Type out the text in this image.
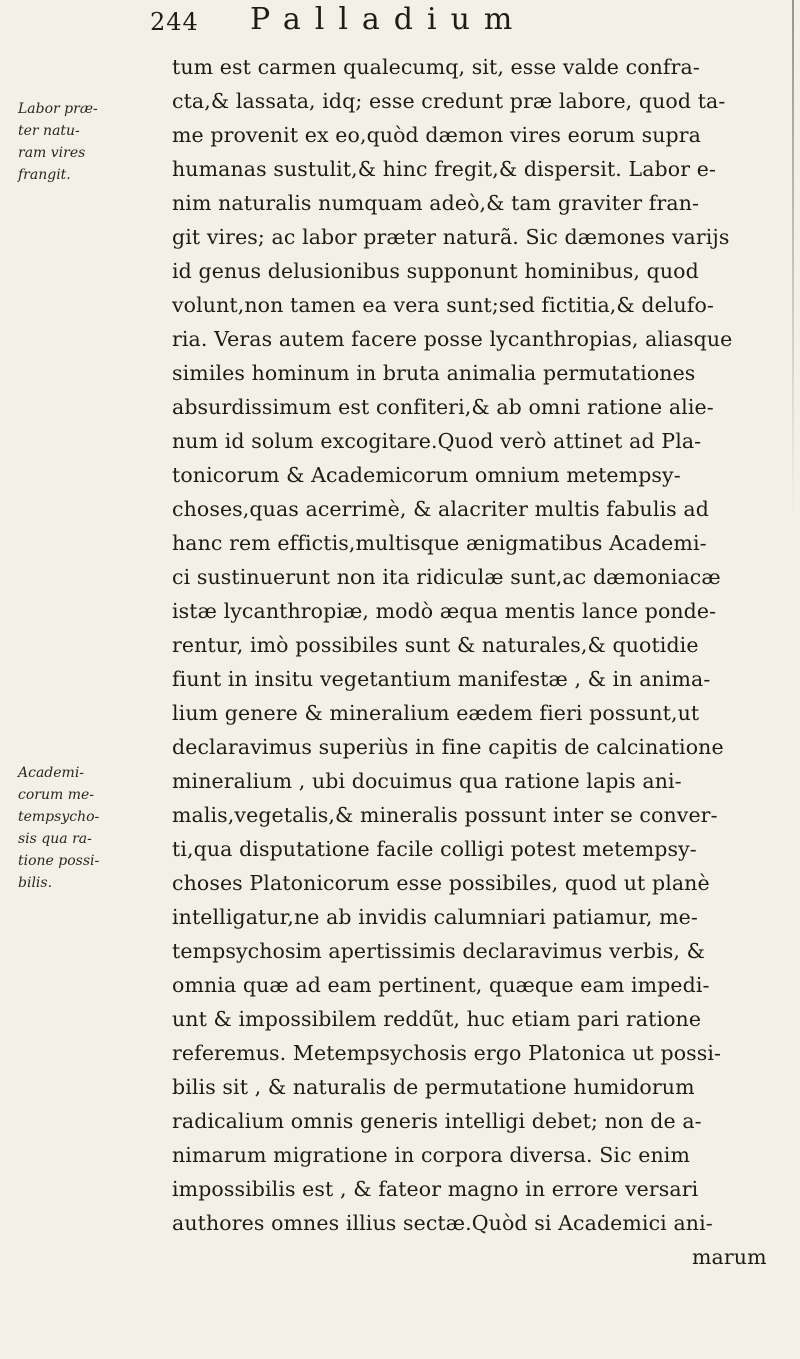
244 Palladium
Labor præ-
ter natu-
ram vires
frangit.
Academi-
corum me-
tempsycho-
sis qua ra-
tione possi-
bilis.
tum est carmen qualecumq, sit, esse valde confra-
cta,& lassata, idq; esse credunt præ labore, quod ta-
me provenit ex eo,quòd dæmon vires eorum supra
humanas sustulit,& hinc fregit,& dispersit. Labor e-
nim naturalis numquam adeò,& tam graviter fran-
git vires; ac labor præter naturã. Sic dæmones varijs
id genus delusionibus supponunt hominibus, quod
volunt,non tamen ea vera sunt;sed fictitia,& delufo-
ria. Veras autem facere posse lycanthropias, aliasque
similes hominum in bruta animalia permutationes
absurdissimum est confiteri,& ab omni ratione alie-
num id solum excogitare.Quod verò attinet ad Pla-
tonicorum & Academicorum omnium metempsy-
choses,quas acerrimè, & alacriter multis fabulis ad
hanc rem effictis,multisque ænigmatibus Academi-
ci sustinuerunt non ita ridiculæ sunt,ac dæmoniacæ
istæ lycanthropiæ, modò æqua mentis lance ponde-
rentur, imò possibiles sunt & naturales,& quotidie
fiunt in insitu vegetantium manifestæ , & in anima-
lium genere & mineralium eædem fieri possunt,ut
declaravimus superiùs in fine capitis de calcinatione
mineralium , ubi docuimus qua ratione lapis ani-
malis,vegetalis,& mineralis possunt inter se conver-
ti,qua disputatione facile colligi potest metempsy-
choses Platonicorum esse possibiles, quod ut planè
intelligatur,ne ab invidis calumniari patiamur, me-
tempsychosim apertissimis declaravimus verbis, &
omnia quæ ad eam pertinent, quæque eam impedi-
unt & impossibilem reddũt, huc etiam pari ratione
referemus. Metempsychosis ergo Platonica ut possi-
bilis sit , & naturalis de permutatione humidorum
radicalium omnis generis intelligi debet; non de a-
nimarum migratione in corpora diversa. Sic enim
impossibilis est , & fateor magno in errore versari
authores omnes illius sectæ.Quòd si Academici ani-
marum
